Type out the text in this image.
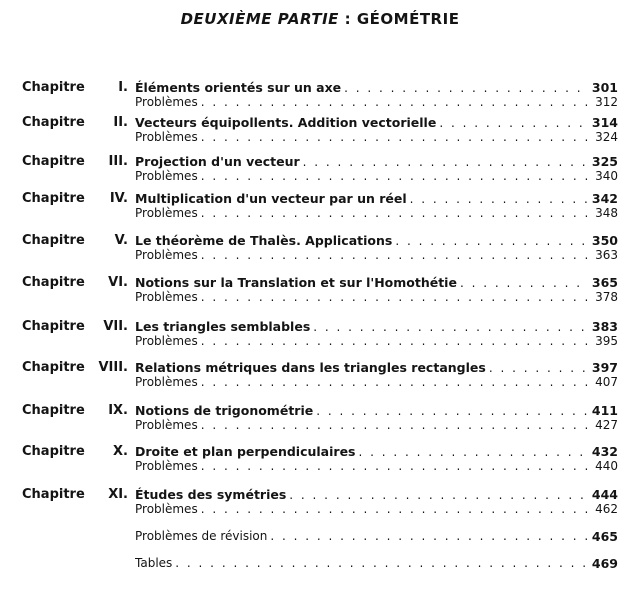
DEUXIÈME PARTIE : GÉOMÉTRIE
Chapitre	I. Éléments orientés sur un axe . . .	301
Problèmes . . .	312
Chapitre II. Vecteurs équipollents. Addition vectorielle . . .	314
Problèmes . . .	324
Chapitre III. Projection d'un vecteur . . .	325
Problèmes . . .	340
Chapitre IV. Multiplication d'un vecteur par un réel . . .	342
Problèmes . . .	348
Chapitre V. Le théorème de Thalès. Applications . . .	350
Problèmes . . .	363
Chapitre VI. Notions sur la Translation et sur l'Homothétie . . .	365
Problèmes . . .	378
Chapitre VII. Les triangles semblables . . .	383
Problèmes . . .	395
Chapitre VIII. Relations métriques dans les triangles rectangles . . .	397
Problèmes . . .	407
Chapitre IX. Notions de trigonométrie . . .	411
Problèmes . . .	427
Chapitre X. Droite et plan perpendiculaires . . .	432
Problèmes . . .	440
Chapitre XI. Études des symétries . . .	444
Problèmes . . .	462
Problèmes de révision . . .	465
Tables . . .	469
